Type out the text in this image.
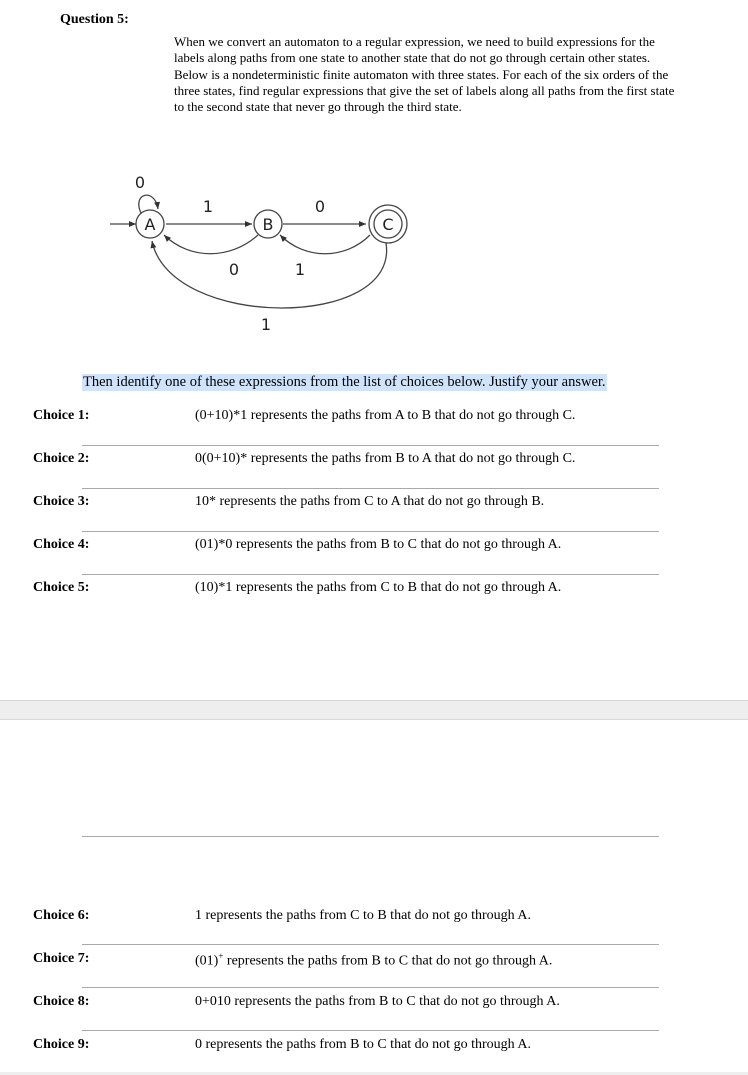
Question 5:
When we convert an automaton to a regular expression, we need to build expressions for the labels along paths from one state to another state that do not go through certain other states. Below is a nondeterministic finite automaton with three states. For each of the six orders of the three states, find regular expressions that give the set of labels along all paths from the first state to the second state that never go through the third state.
A	B	C
0
1	0
0	1
1
Then identify one of these expressions from the list of choices below. Justify your answer.
Choice 1:	(0+10)*1 represents the paths from A to B that do not go through C.
Choice 2:	0(0+10)* represents the paths from B to A that do not go through C.
Choice 3:	10* represents the paths from C to A that do not go through B.
Choice 4:	(01)*0 represents the paths from B to C that do not go through A.
Choice 5:	(10)*1 represents the paths from C to B that do not go through A.
Choice 6:	1 represents the paths from C to B that do not go through A.
Choice 7:	(01)+ represents the paths from B to C that do not go through A.
Choice 8:	0+010 represents the paths from B to C that do not go through A.
Choice 9:	0 represents the paths from B to C that do not go through A.
